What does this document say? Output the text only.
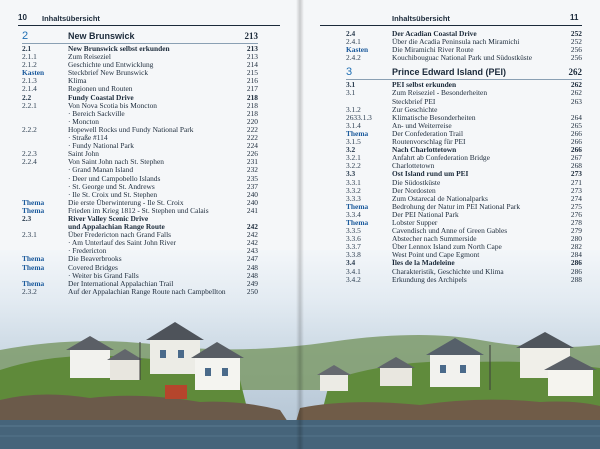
10 Inhaltsübersicht
2	New Brunswick	213
2.1	New Brunswick selbst erkunden	213
2.1.1	Zum Reiseziel	213
2.1.2	Geschichte und Entwicklung	214
Kasten	Steckbrief New Brunswick	215
2.1.3	Klima	216
2.1.4	Regionen und Routen	217
2.2	Fundy Coastal Drive	218
2.2.1	Von Nova Scotia bis Moncton	218
· Bereich Sackville	218
· Moncton	220
2.2.2	Hopewell Rocks und Fundy National Park	222
· Straße #114	222
· Fundy National Park	224
2.2.3	Saint John	226
2.2.4	Von Saint John nach St. Stephen	231
· Grand Manan Island	232
· Deer und Campobello Islands	235
· St. George und St. Andrews	237
· Ile St. Croix und St. Stephen	240
Thema	Die erste Überwinterung - Ile St. Croix	240
Thema	Frieden im Krieg 1812 - St. Stephen und Calais	241
2.3	River Valley Scenic Drive
und Appalachian Range Route	242
2.3.1	Über Fredericton nach Grand Falls	242
· Am Unterlauf des Saint John River	242
· Fredericton	243
Thema	Die Beaverbrooks	247
Thema	Covered Bridges	248
· Weiter bis Grand Falls	248
Thema	Der International Appalachian Trail	249
2.3.2	Auf der Appalachian Range Route nach Campbellton	250
Inhaltsübersicht	11
2.4	Der Acadian Coastal Drive	252
2.4.1	Über die Acadia Peninsula nach Miramichi	252
Kasten	Die Miramichi River Route	256
2.4.2	Kouchibouguac National Park und Südostküste	256
3	Prince Edward Island (PEI)	262
3.1	PEI selbst erkunden	262
3.1	Zum Reiseziel - Besonderheiten	262
Steckbrief PEI	263
3.1.2	Zur Geschichte
2633.1.3	Klimatische Besonderheiten	264
3.1.4	An- und Weiterreise	265
Thema	Der Confederation Trail	266
3.1.5	Routenvorschlag für PEI	266
3.2	Nach Charlottetown	266
3.2.1	Anfahrt ab Confederation Bridge	267
3.2.2	Charlottetown	268
3.3	Ost Island rund um PEI	273
3.3.1	Die Südostküste	271
3.3.2	Der Nordosten	273
3.3.3	Zum Ostarecal de Nationalparks	274
Thema	Bedrohung der Natur im PEI National Park	275
3.3.4	Der PEI National Park	276
Thema	Lobster Supper	278
3.3.5	Cavendisch und Anne of Green Gables	279
3.3.6	Abstecher nach Summerside	280
3.3.7	Über Lennox Island zum North Cape	282
3.3.8	West Point und Cape Egmont	284
3.4	Îles de la Madeleine	286
3.4.1	Charakteristik, Geschichte und Klima	286
3.4.2	Erkundung des Archipels	288
